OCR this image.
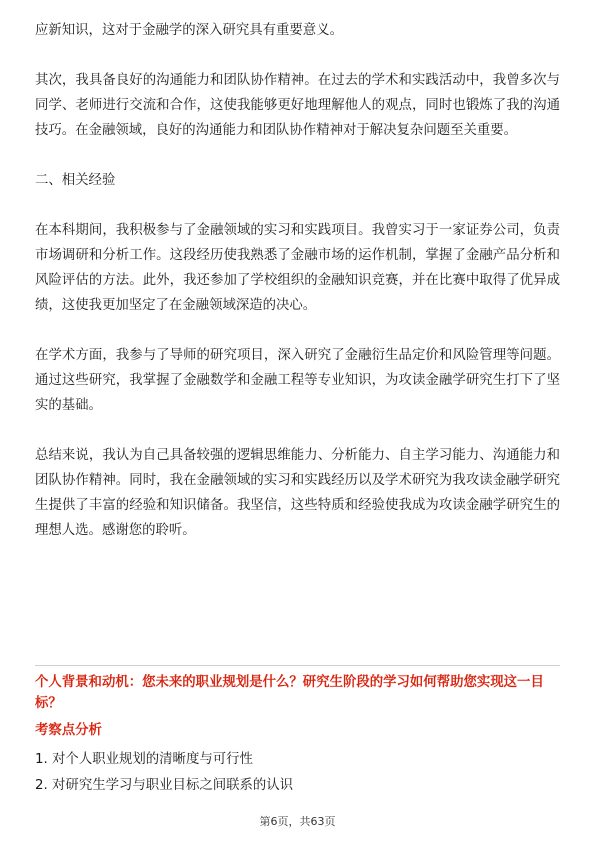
应新知识，这对于金融学的深入研究具有重要意义。

其次，我具备良好的沟通能力和团队协作精神。在过去的学术和实践活动中，我曾多次与同学、老师进行交流和合作，这使我能够更好地理解他人的观点，同时也锻炼了我的沟通技巧。在金融领域，良好的沟通能力和团队协作精神对于解决复杂问题至关重要。

二、相关经验

在本科期间，我积极参与了金融领域的实习和实践项目。我曾实习于一家证券公司，负责市场调研和分析工作。这段经历使我熟悉了金融市场的运作机制，掌握了金融产品分析和风险评估的方法。此外，我还参加了学校组织的金融知识竞赛，并在比赛中取得了优异成绩，这使我更加坚定了在金融领域深造的决心。

在学术方面，我参与了导师的研究项目，深入研究了金融衍生品定价和风险管理等问题。通过这些研究，我掌握了金融数学和金融工程等专业知识，为攻读金融学研究生打下了坚实的基础。

总结来说，我认为自己具备较强的逻辑思维能力、分析能力、自主学习能力、沟通能力和团队协作精神。同时，我在金融领域的实习和实践经历以及学术研究为我攻读金融学研究生提供了丰富的经验和知识储备。我坚信，这些特质和经验使我成为攻读金融学研究生的理想人选。感谢您的聆听。

个人背景和动机：您未来的职业规划是什么？研究生阶段的学习如何帮助您实现这一目标？

考察点分析

1. 对个人职业规划的清晰度与可行性
2. 对研究生学习与职业目标之间联系的认识
第6页，共63页
